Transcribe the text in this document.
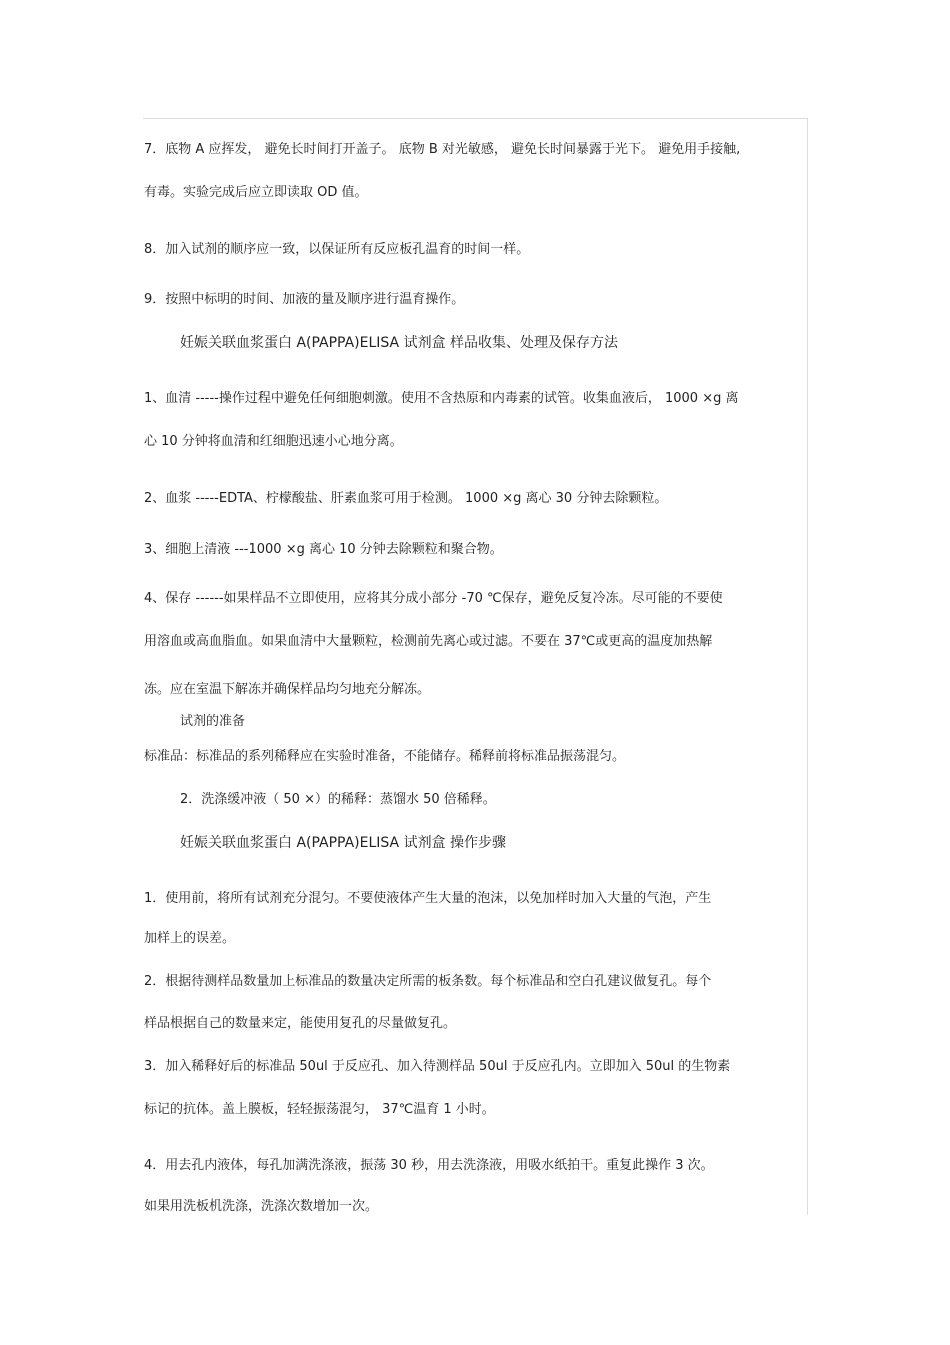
7．底物 A 应挥发， 避免长时间打开盖子。 底物 B 对光敏感， 避免长时间暴露于光下。 避免用手接触,
有毒。实验完成后应立即读取 OD 值。
8．加入试剂的顺序应一致，以保证所有反应板孔温育的时间一样。
9．按照中标明的时间、加液的量及顺序进行温育操作。
妊娠关联血浆蛋白 A(PAPPA)ELISA 试剂盒 样品收集、处理及保存方法
1、血清 -----操作过程中避免任何细胞刺激。使用不含热原和内毒素的试管。收集血液后， 1000 ×g 离
心 10 分钟将血清和红细胞迅速小心地分离。
2、血浆 -----EDTA、柠檬酸盐、肝素血浆可用于检测。 1000 ×g 离心 30 分钟去除颗粒。
3、细胞上清液 ---1000 ×g 离心 10 分钟去除颗粒和聚合物。
4、保存 ------如果样品不立即使用，应将其分成小部分 -70 ℃保存，避免反复冷冻。尽可能的不要使
用溶血或高血脂血。如果血清中大量颗粒，检测前先离心或过滤。不要在 37℃或更高的温度加热解
冻。应在室温下解冻并确保样品均匀地充分解冻。
试剂的准备
标准品：标准品的系列稀释应在实验时准备，不能储存。稀释前将标准品振荡混匀。
2．洗涤缓冲液（ 50 ×）的稀释：蒸馏水 50 倍稀释。
妊娠关联血浆蛋白 A(PAPPA)ELISA 试剂盒 操作步骤
1．使用前，将所有试剂充分混匀。不要使液体产生大量的泡沫，以免加样时加入大量的气泡，产生
加样上的误差。
2．根据待测样品数量加上标准品的数量决定所需的板条数。每个标准品和空白孔建议做复孔。每个
样品根据自己的数量来定，能使用复孔的尽量做复孔。
3．加入稀释好后的标准品 50ul 于反应孔、加入待测样品 50ul 于反应孔内。立即加入 50ul 的生物素
标记的抗体。盖上膜板，轻轻振荡混匀， 37℃温育 1 小时。
4．用去孔内液体，每孔加满洗涤液，振荡 30 秒，用去洗涤液，用吸水纸拍干。重复此操作 3 次。
如果用洗板机洗涤，洗涤次数增加一次。
